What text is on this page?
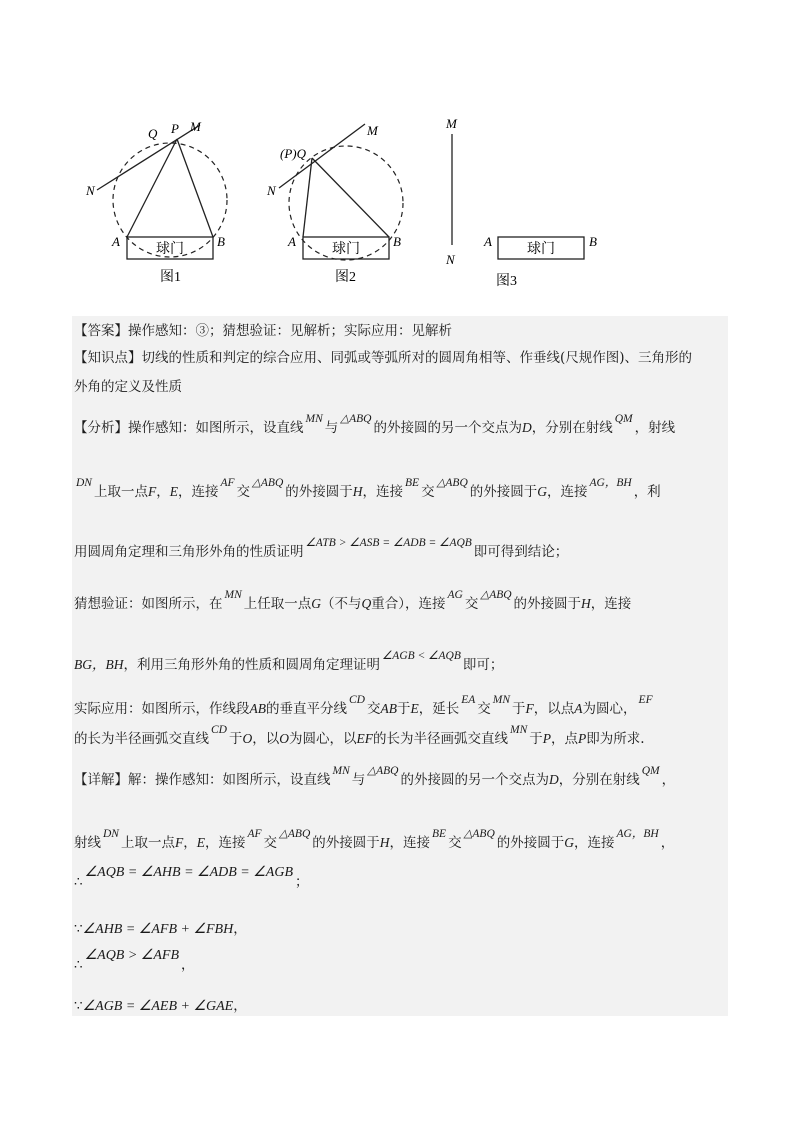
球门
Q P M
N
A	B
图1
球门
(P)Q
M
N
A	B
图2
球门
M
N
A	B
图3
【答案】操作感知：③；猜想验证：见解析；实际应用：见解析
【知识点】切线的性质和判定的综合应用、同弧或等弧所对的圆周角相等、作垂线(尺规作图)、三角形的
外角的定义及性质
【分析】操作感知：如图所示，设直线MN与△ABQ的外接圆的另一个交点为D，分别在射线QM，射线
DN上取一点F，E，连接AF交△ABQ的外接圆于H，连接BE交△ABQ的外接圆于G，连接AG，BH，利
用圆周角定理和三角形外角的性质证明∠ATB > ∠ASB = ∠ADB = ∠AQB即可得到结论；
猜想验证：如图所示，在MN上任取一点G（不与Q重合），连接AG交△ABQ的外接圆于H，连接
BG，BH，利用三角形外角的性质和圆周角定理证明∠AGB < ∠AQB即可；
实际应用：如图所示，作线段AB的垂直平分线CD交AB于E，延长EA交MN于F，以点A为圆心，EF
的长为半径画弧交直线CD于O，以O为圆心，以EF的长为半径画弧交直线MN于P，点P即为所求.
【详解】解：操作感知：如图所示，设直线MN与△ABQ的外接圆的另一个交点为D，分别在射线QM，
射线DN上取一点F，E，连接AF交△ABQ的外接圆于H，连接BE交△ABQ的外接圆于G，连接AG，BH，
∴∠AQB = ∠AHB = ∠ADB = ∠AGB；
∵∠AHB = ∠AFB + ∠FBH，
∴∠AQB > ∠AFB，
∵∠AGB = ∠AEB + ∠GAE，
